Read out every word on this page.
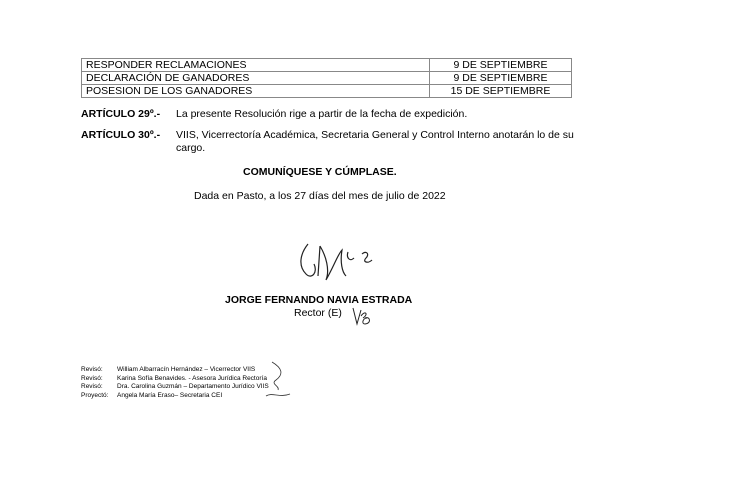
RESPONDER RECLAMACIONES	9 DE SEPTIEMBRE
DECLARACIÓN DE GANADORES	9 DE SEPTIEMBRE
POSESION DE LOS GANADORES	15 DE SEPTIEMBRE
ARTÍCULO 29º.- La presente Resolución rige a partir de la fecha de expedición.
ARTÍCULO 30º.- VIIS, Vicerrectoría Académica, Secretaria General y Control Interno anotarán lo de su cargo.
COMUNÍQUESE Y CÚMPLASE.
Dada en Pasto, a los 27 días del mes de julio de 2022
JORGE FERNANDO NAVIA ESTRADA
Rector (E)
Revisó: William Albarracín Hernández – Vicerrector VIIS
Revisó: Karina Sofía Benavides. - Asesora Jurídica Rectoría
Revisó: Dra. Carolina Guzmán – Departamento Jurídico VIIS
Proyectó: Angela María Eraso– Secretaria CEI
